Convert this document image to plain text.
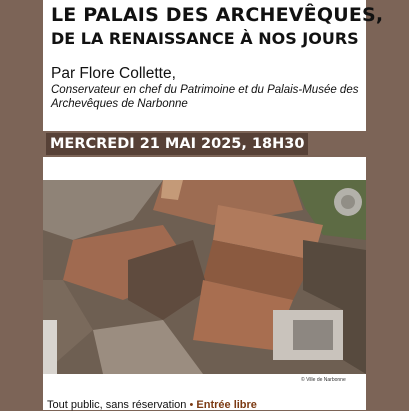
LE PALAIS DES ARCHEVÊQUES,
DE LA RENAISSANCE À NOS JOURS
Par Flore Collette,
Conservateur en chef du Patrimoine et du Palais-Musée des Archevêques de Narbonne
MERCREDI 21 MAI 2025, 18H30
© Ville de Narbonne
Tout public, sans réservation • Entrée libre
